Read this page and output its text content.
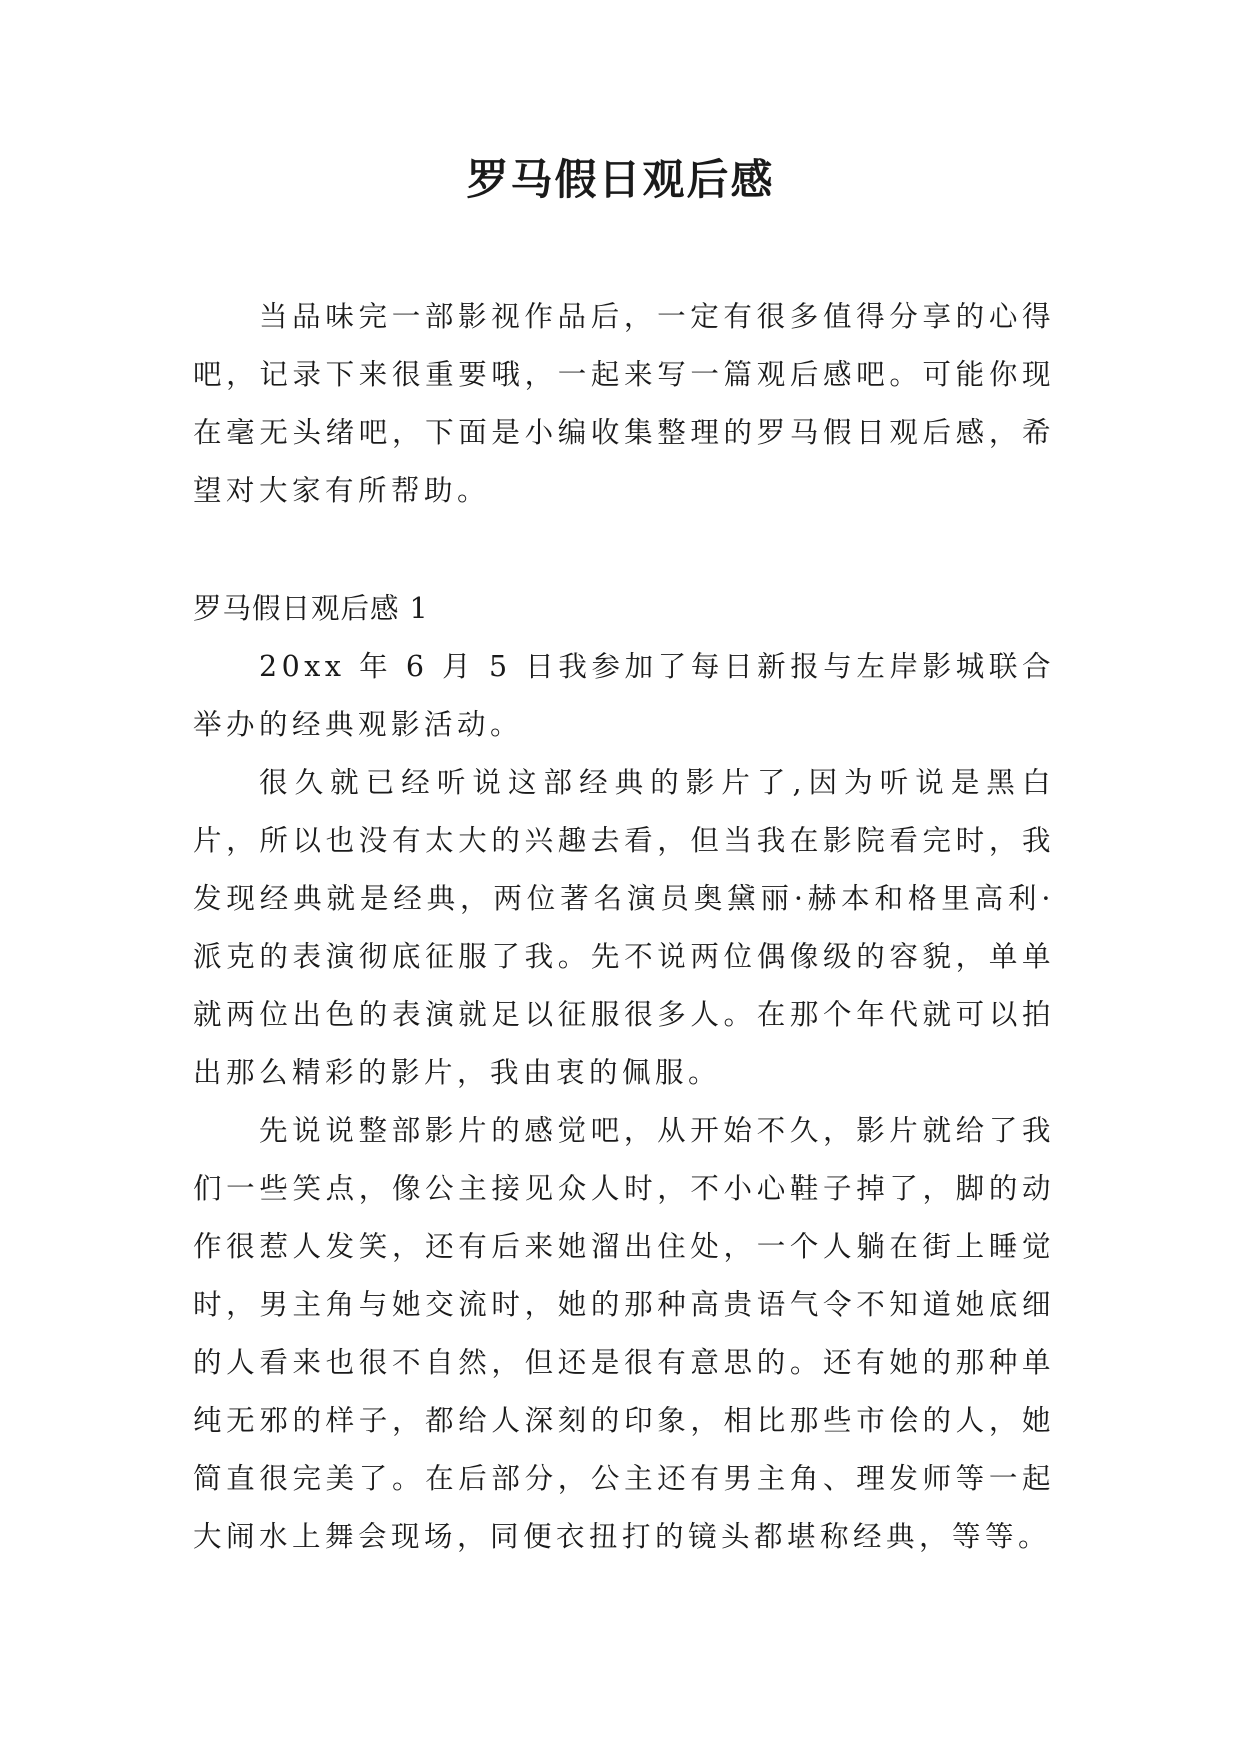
罗马假日观后感

当品味完一部影视作品后，一定有很多值得分享的心得吧，记录下来很重要哦，一起来写一篇观后感吧。可能你现在毫无头绪吧，下面是小编收集整理的罗马假日观后感，希望对大家有所帮助。

罗马假日观后感 1

20xx 年 6 月 5 日我参加了每日新报与左岸影城联合举办的经典观影活动。

很久就已经听说这部经典的影片了,因为听说是黑白片，所以也没有太大的兴趣去看，但当我在影院看完时，我发现经典就是经典，两位著名演员奥黛丽·赫本和格里高利·派克的表演彻底征服了我。先不说两位偶像级的容貌，单单就两位出色的表演就足以征服很多人。在那个年代就可以拍出那么精彩的影片，我由衷的佩服。

先说说整部影片的感觉吧，从开始不久，影片就给了我们一些笑点，像公主接见众人时，不小心鞋子掉了，脚的动作很惹人发笑，还有后来她溜出住处，一个人躺在街上睡觉时，男主角与她交流时，她的那种高贵语气令不知道她底细的人看来也很不自然，但还是很有意思的。还有她的那种单纯无邪的样子，都给人深刻的印象，相比那些市侩的人，她简直很完美了。在后部分，公主还有男主角、理发师等一起大闹水上舞会现场，同便衣扭打的镜头都堪称经典，等等。
